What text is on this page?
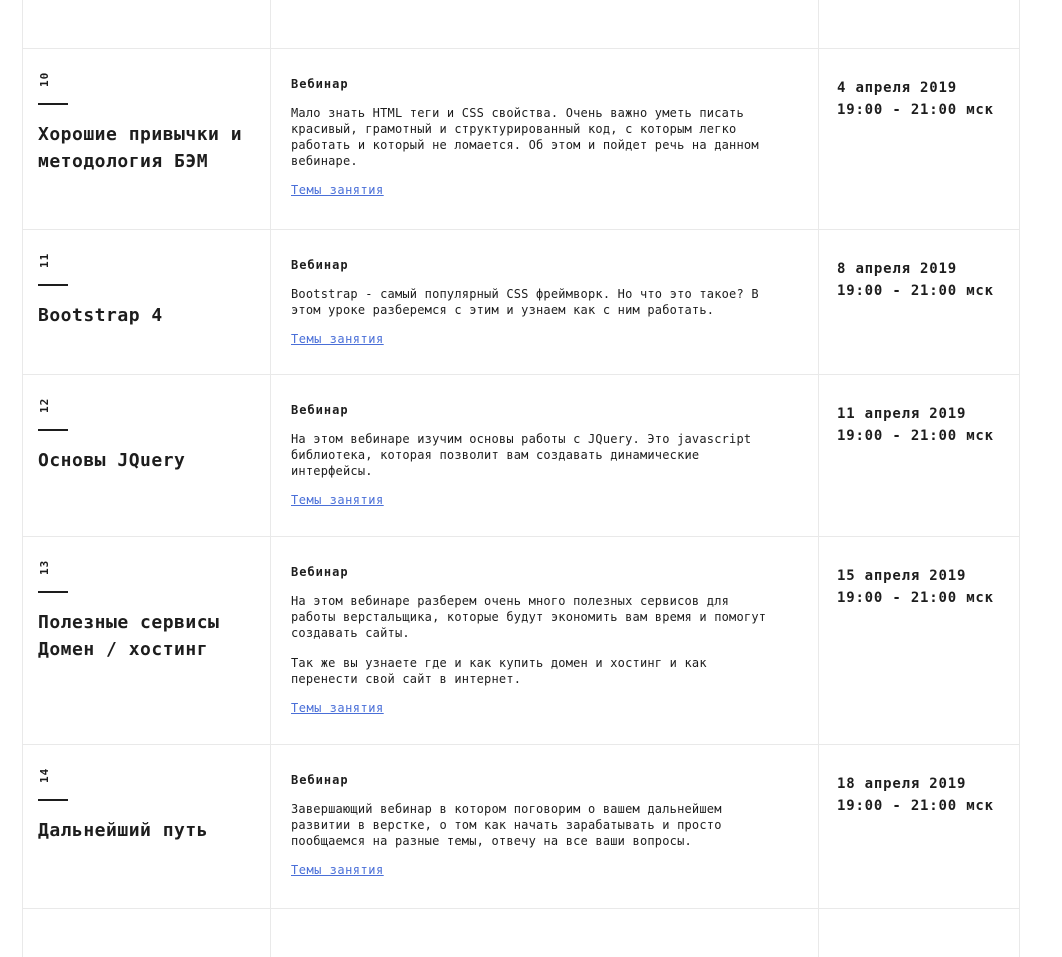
10
Хорошие привычки и методология БЭМ
Вебинар

Мало знать HTML теги и CSS свойства. Очень важно уметь писать красивый, грамотный и структурированный код, с которым легко работать и который не ломается. Об этом и пойдет речь на данном вебинаре.

Темы занятия
4 апреля 2019
19:00 - 21:00 мск
11
Bootstrap 4
Вебинар

Bootstrap - самый популярный CSS фреймворк. Но что это такое? В этом уроке разберемся с этим и узнаем как с ним работать.

Темы занятия
8 апреля 2019
19:00 - 21:00 мск
12
Основы JQuery
Вебинар

На этом вебинаре изучим основы работы с JQuery. Это javascript библиотека, которая позволит вам создавать динамические интерфейсы.

Темы занятия
11 апреля 2019
19:00 - 21:00 мск
13
Полезные сервисы Домен / хостинг
Вебинар

На этом вебинаре разберем очень много полезных сервисов для работы верстальщика, которые будут экономить вам время и помогут создавать сайты.

Так же вы узнаете где и как купить домен и хостинг и как перенести свой сайт в интернет.

Темы занятия
15 апреля 2019
19:00 - 21:00 мск
14
Дальнейший путь
Вебинар

Завершающий вебинар в котором поговорим о вашем дальнейшем развитии в верстке, о том как начать зарабатывать и просто пообщаемся на разные темы, отвечу на все ваши вопросы.

Темы занятия
18 апреля 2019
19:00 - 21:00 мск
